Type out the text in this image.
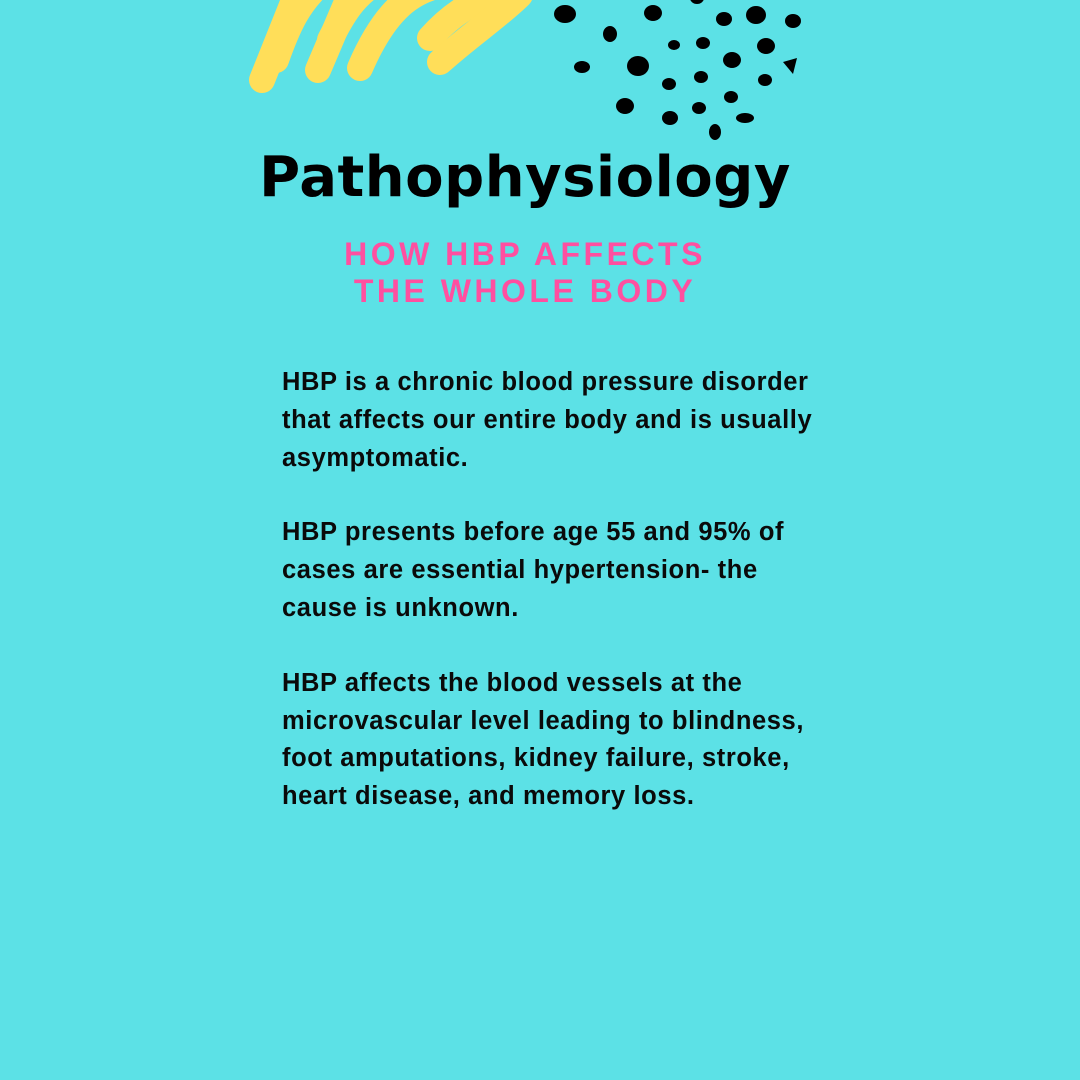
Pathophysiology
HOW HBP AFFECTS
THE WHOLE BODY

HBP is a chronic blood pressure disorder that affects our entire body and is usually asymptomatic.

HBP presents before age 55 and 95% of cases are essential hypertension- the cause is unknown.

HBP affects the blood vessels at the microvascular level leading to blindness, foot amputations, kidney failure, stroke, heart disease, and memory loss.
